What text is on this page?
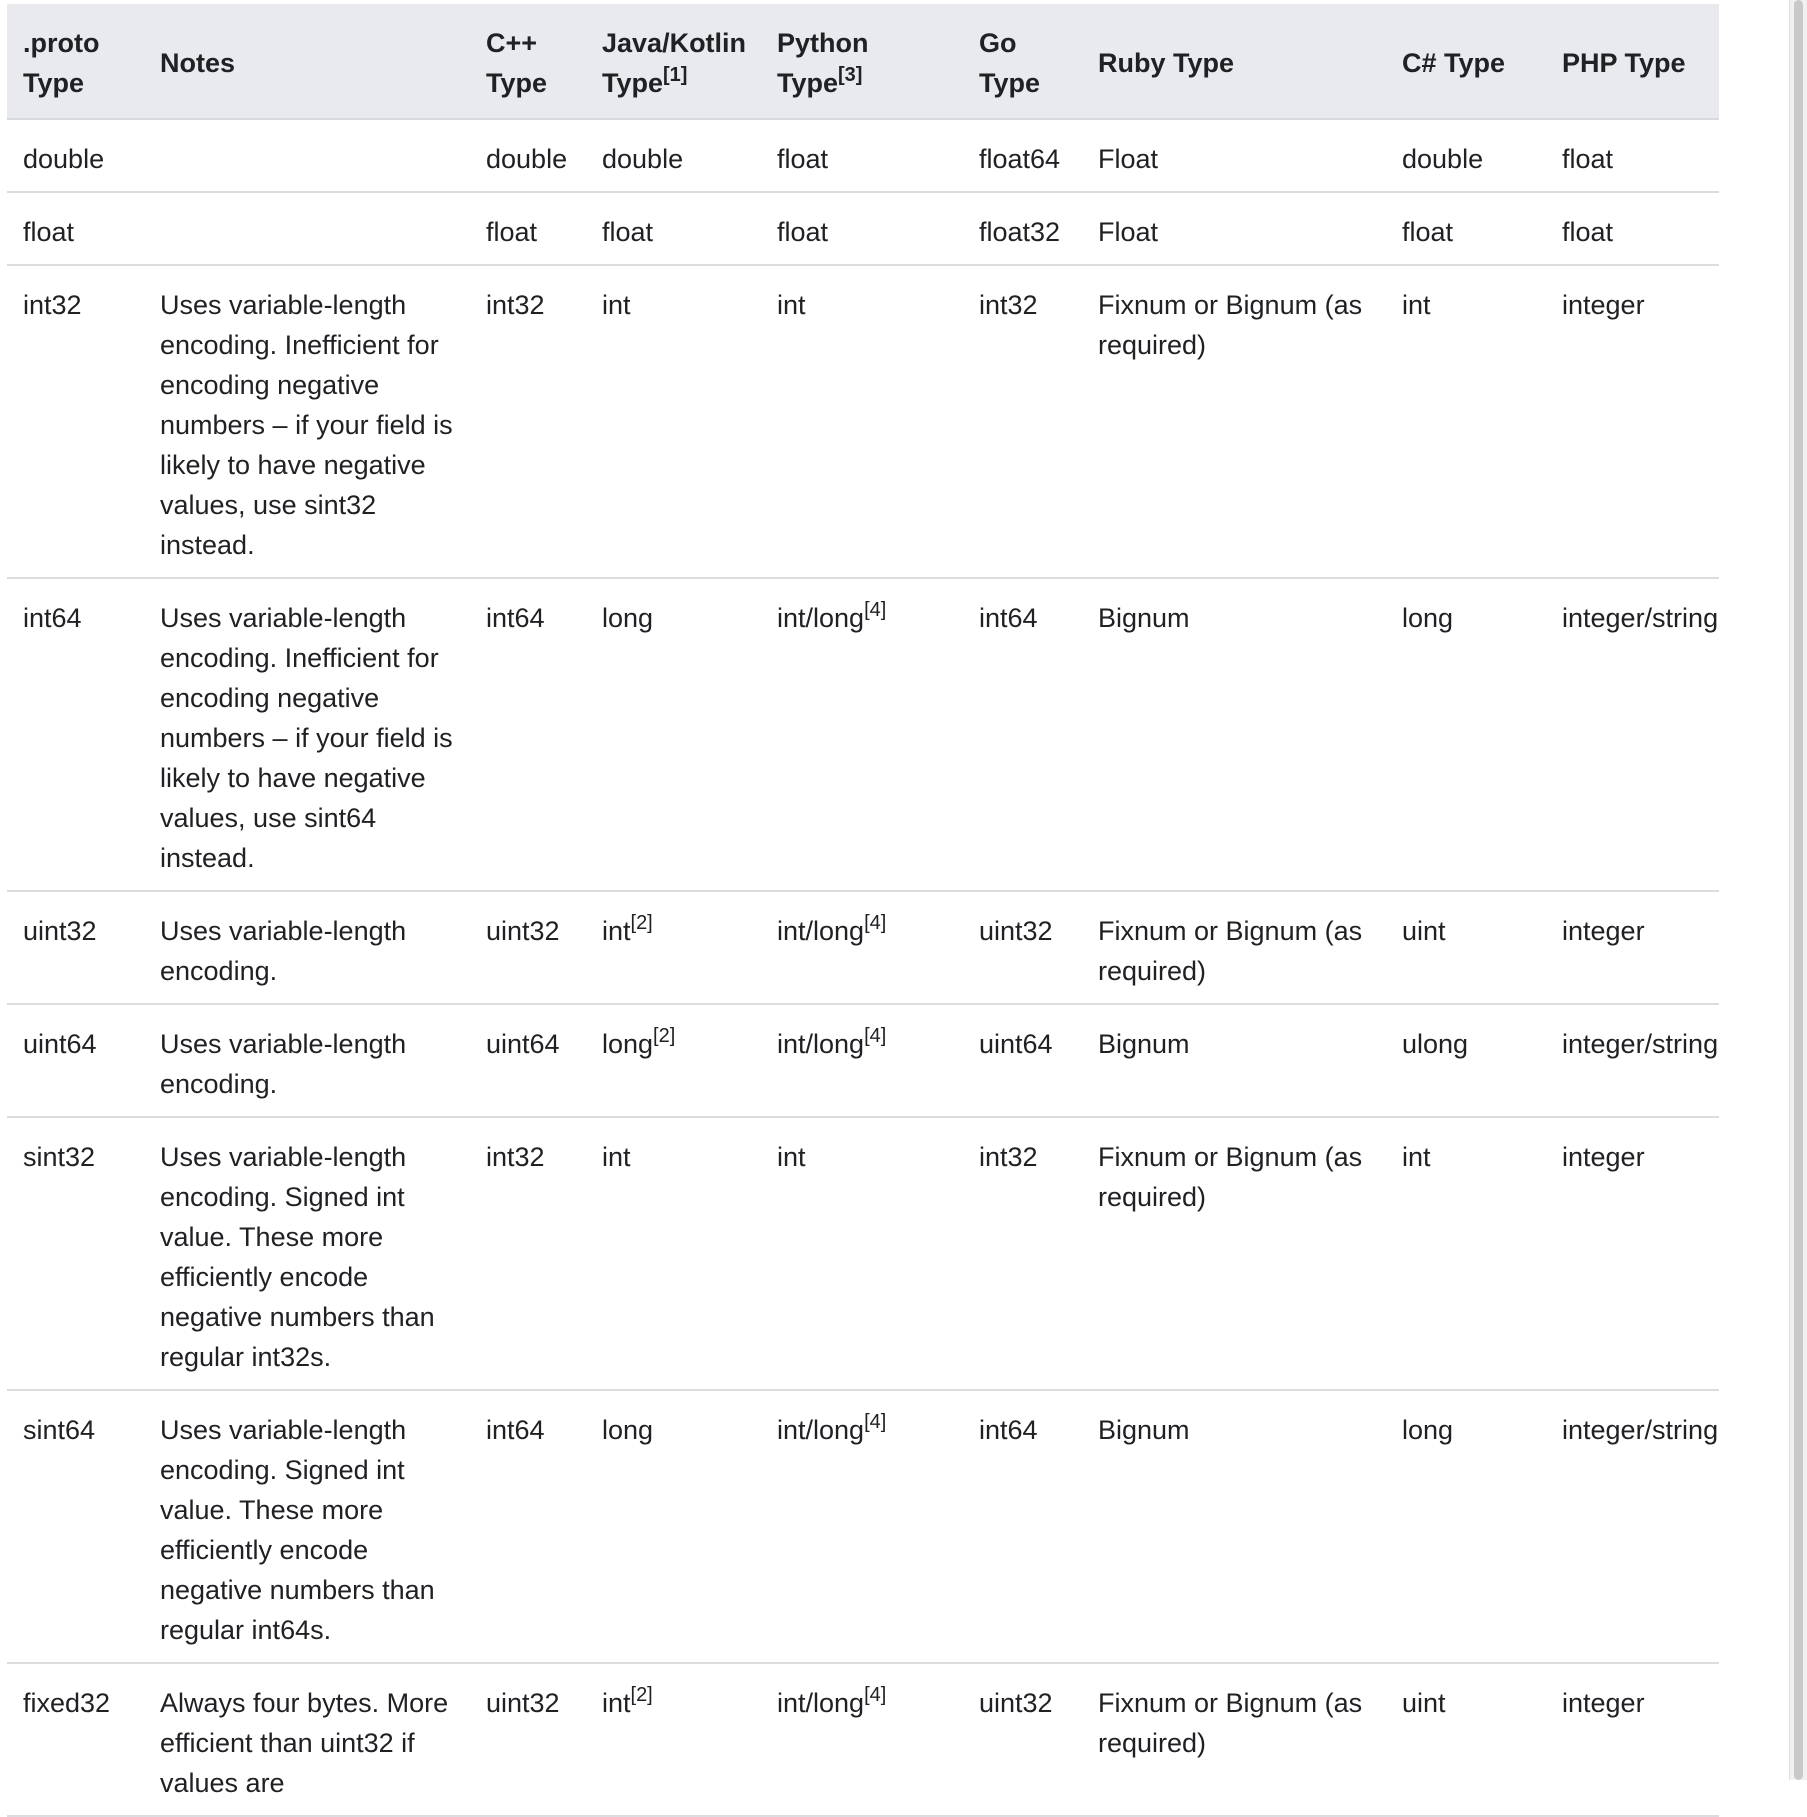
.proto Type	Notes	C++ Type	Java/Kotlin Type[1]	Python Type[3]	Go Type	Ruby Type	C# Type	PHP Type
double		double	double	float	float64	Float	double	float
float		float	float	float	float32	Float	float	float
int32	Uses variable-length encoding. Inefficient for encoding negative numbers – if your field is likely to have negative values, use sint32 instead.	int32	int	int	int32	Fixnum or Bignum (as required)	int	integer
int64	Uses variable-length encoding. Inefficient for encoding negative numbers – if your field is likely to have negative values, use sint64 instead.	int64	long	int/long[4]	int64	Bignum	long	integer/string
uint32	Uses variable-length encoding.	uint32	int[2]	int/long[4]	uint32	Fixnum or Bignum (as required)	uint	integer
uint64	Uses variable-length encoding.	uint64	long[2]	int/long[4]	uint64	Bignum	ulong	integer/string
sint32	Uses variable-length encoding. Signed int value. These more efficiently encode negative numbers than regular int32s.	int32	int	int	int32	Fixnum or Bignum (as required)	int	integer
sint64	Uses variable-length encoding. Signed int value. These more efficiently encode negative numbers than regular int64s.	int64	long	int/long[4]	int64	Bignum	long	integer/string
fixed32	Always four bytes. More efficient than uint32 if values are	uint32	int[2]	int/long[4]	uint32	Fixnum or Bignum (as required)	uint	integer
